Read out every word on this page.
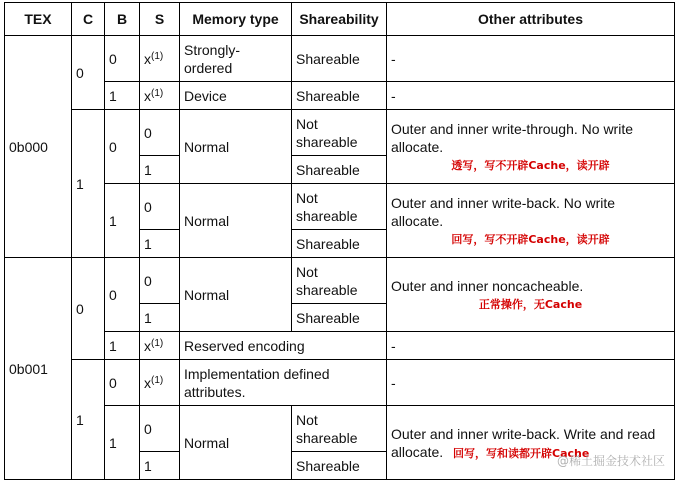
TEX	C	B	S	Memory type	Shareability	Other attributes
0b000	0	0	$x^{(1)}$	Strongly-ordered	Shareable	-
		1	$x^{(1)}$	Device	Shareable	-
	1	0	0	Normal	Not shareable	Outer and inner write-through. No write allocate.
透写，写不开辟Cache，读开辟

			1		Shareable	
		1	0	Normal	Not shareable	Outer and inner write-back. No write allocate.
回写，写不开辟Cache，读开辟

			1		Shareable	
0b001	0	0	0	Normal	Not shareable	Outer and inner noncacheable.
正常操作，无Cache

			1		Shareable	
		1	$x^{(1)}$	Reserved encoding		-
	1	0	$x^{(1)}$	Implementation defined attributes.		-
		1	0	Normal	Not shareable	Outer and inner write-back. Write and read allocate. 回写，写和读都开辟Cache
			1		Shareable		@稀土掘金技术社区
